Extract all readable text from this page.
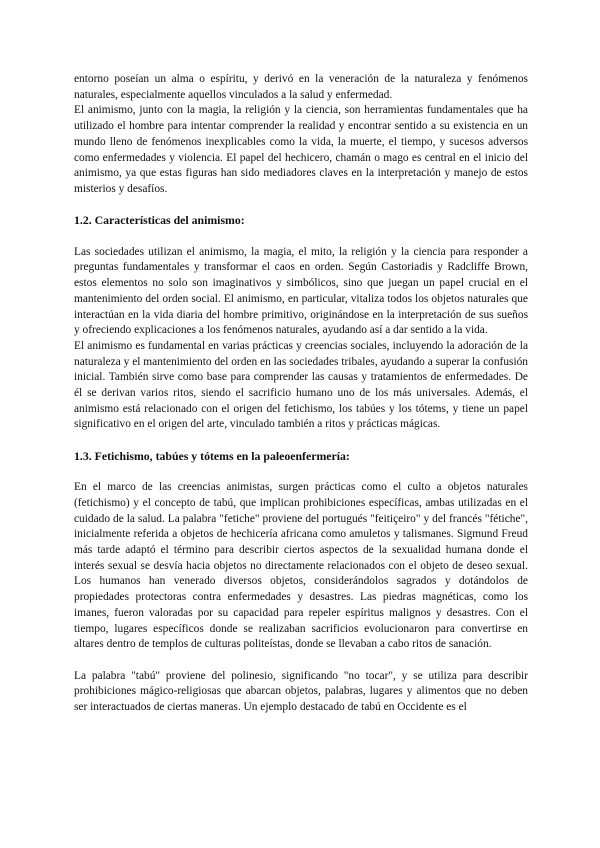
entorno poseían un alma o espíritu, y derivó en la veneración de la naturaleza y fenómenos naturales, especialmente aquellos vinculados a la salud y enfermedad.

El animismo, junto con la magia, la religión y la ciencia, son herramientas fundamentales que ha utilizado el hombre para intentar comprender la realidad y encontrar sentido a su existencia en un mundo lleno de fenómenos inexplicables como la vida, la muerte, el tiempo, y sucesos adversos como enfermedades y violencia. El papel del hechicero, chamán o mago es central en el inicio del animismo, ya que estas figuras han sido mediadores claves en la interpretación y manejo de estos misterios y desafíos.

1.2. Características del animismo:

Las sociedades utilizan el animismo, la magia, el mito, la religión y la ciencia para responder a preguntas fundamentales y transformar el caos en orden. Según Castoriadis y Radcliffe Brown, estos elementos no solo son imaginativos y simbólicos, sino que juegan un papel crucial en el mantenimiento del orden social. El animismo, en particular, vitaliza todos los objetos naturales que interactúan en la vida diaria del hombre primitivo, originándose en la interpretación de sus sueños y ofreciendo explicaciones a los fenómenos naturales, ayudando así a dar sentido a la vida.

El animismo es fundamental en varias prácticas y creencias sociales, incluyendo la adoración de la naturaleza y el mantenimiento del orden en las sociedades tribales, ayudando a superar la confusión inicial. También sirve como base para comprender las causas y tratamientos de enfermedades. De él se derivan varios ritos, siendo el sacrificio humano uno de los más universales. Además, el animismo está relacionado con el origen del fetichismo, los tabúes y los tótems, y tiene un papel significativo en el origen del arte, vinculado también a ritos y prácticas mágicas.

1.3. Fetichismo, tabúes y tótems en la paleoenfermería:

En el marco de las creencias animistas, surgen prácticas como el culto a objetos naturales (fetichismo) y el concepto de tabú, que implican prohibiciones específicas, ambas utilizadas en el cuidado de la salud. La palabra "fetiche" proviene del portugués "feitiçeiro" y del francés "fétiche", inicialmente referida a objetos de hechicería africana como amuletos y talismanes. Sigmund Freud más tarde adaptó el término para describir ciertos aspectos de la sexualidad humana donde el interés sexual se desvía hacia objetos no directamente relacionados con el objeto de deseo sexual. Los humanos han venerado diversos objetos, considerándolos sagrados y dotándolos de propiedades protectoras contra enfermedades y desastres. Las piedras magnéticas, como los imanes, fueron valoradas por su capacidad para repeler espíritus malignos y desastres. Con el tiempo, lugares específicos donde se realizaban sacrificios evolucionaron para convertirse en altares dentro de templos de culturas politeístas, donde se llevaban a cabo ritos de sanación.

La palabra "tabú" proviene del polinesio, significando "no tocar", y se utiliza para describir prohibiciones mágico-religiosas que abarcan objetos, palabras, lugares y alimentos que no deben ser interactuados de ciertas maneras. Un ejemplo destacado de tabú en Occidente es el
